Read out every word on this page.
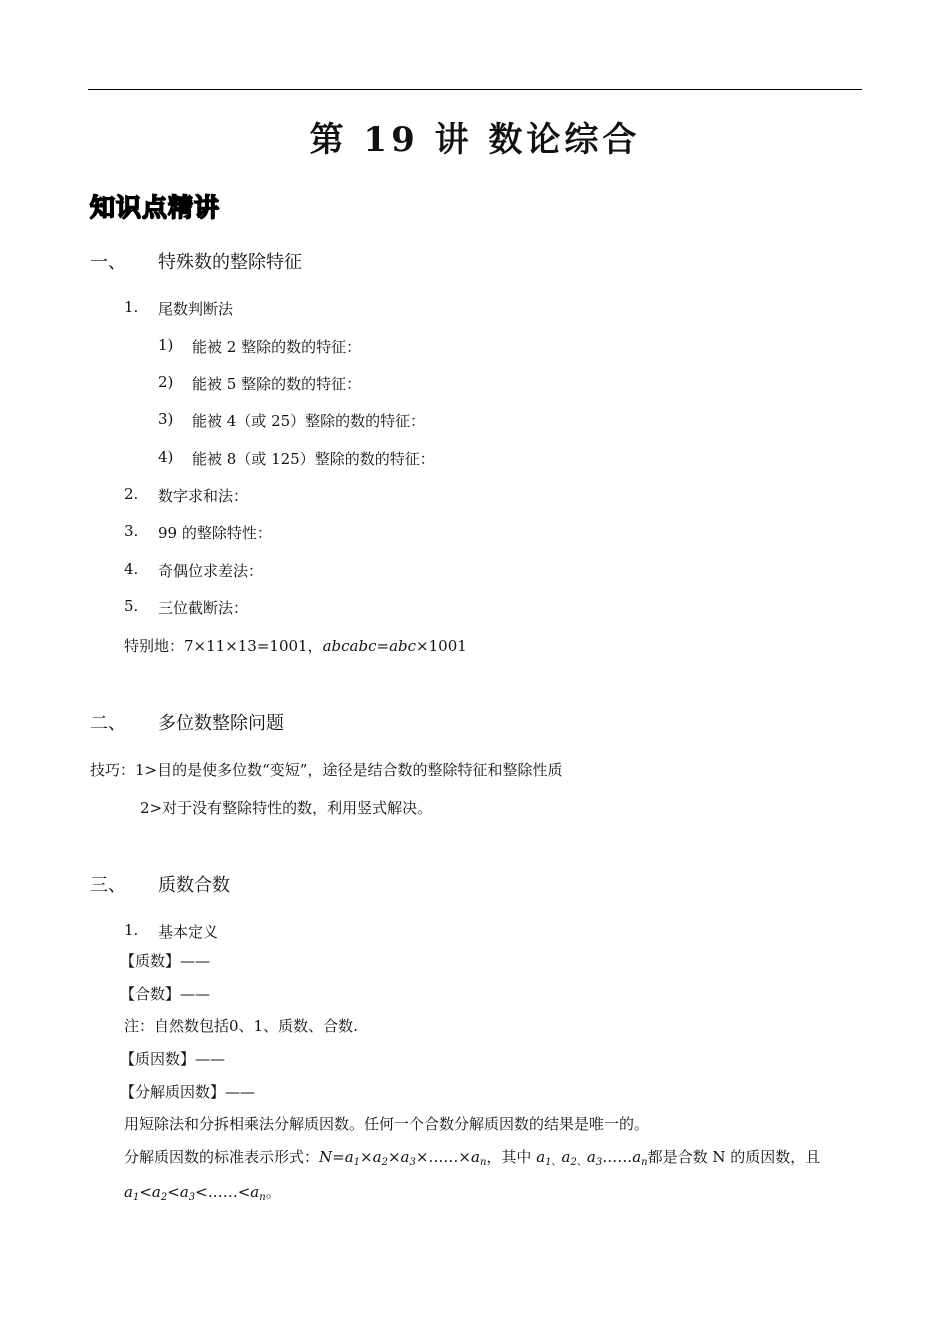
第 19 讲 数论综合
知识点精讲
一、 特殊数的整除特征
1. 尾数判断法
1) 能被 2 整除的数的特征：
2) 能被 5 整除的数的特征：
3) 能被 4（或 25）整除的数的特征：
4) 能被 8（或 125）整除的数的特征：
2. 数字求和法：
3. 99 的整除特性：
4. 奇偶位求差法：
5. 三位截断法：
特别地：7×11×13=1001，abcabc=abc×1001
二、 多位数整除问题
技巧：1>目的是使多位数“变短”，途径是结合数的整除特征和整除性质
2>对于没有整除特性的数，利用竖式解决。
三、 质数合数
1. 基本定义
【质数】——
【合数】——
注：自然数包括0、1、质数、合数.
【质因数】——
【分解质因数】——
用短除法和分拆相乘法分解质因数。任何一个合数分解质因数的结果是唯一的。
分解质因数的标准表示形式：$N=a_1\times a_2\times a_3\times\dots\dots\times a_n$，其中 $a_{1、}a_{2、}a_3\dots\dots a_n$都是合数 N 的质因数，且
$a_1<a_2<a_3<\dots\dots<a_n$。
